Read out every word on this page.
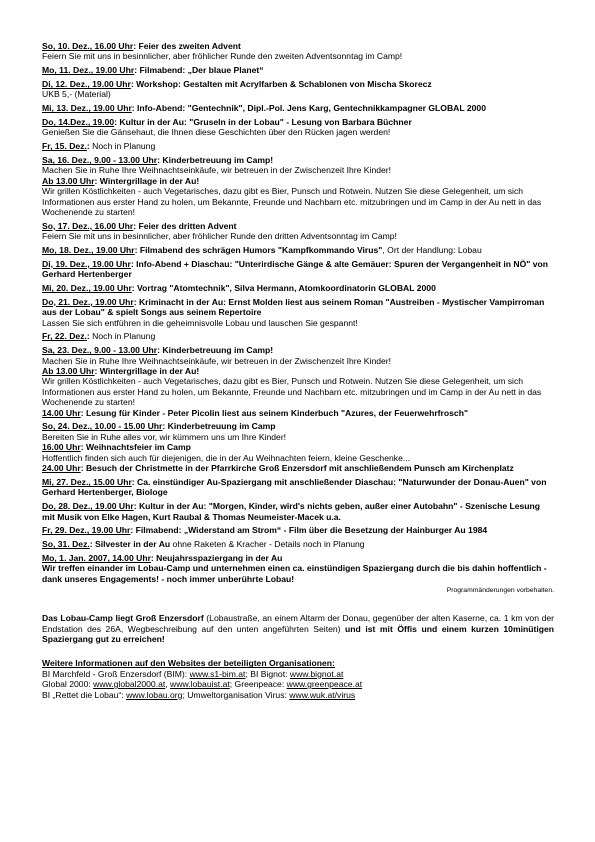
So, 10. Dez., 16.00 Uhr: Feier des zweiten Advent
Feiern Sie mit uns in besinnlicher, aber fröhlicher Runde den zweiten Adventsonntag im Camp!
Mo, 11. Dez., 19.00 Uhr: Filmabend: „Der blaue Planet“
Di, 12. Dez., 19.00 Uhr: Workshop: Gestalten mit Acrylfarben & Schablonen von Mischa Skorecz
UKB 5,- (Material)
Mi, 13. Dez., 19.00 Uhr: Info-Abend: "Gentechnik", Dipl.-Pol. Jens Karg, Gentechnikkampagner GLOBAL 2000
Do, 14.Dez., 19.00: Kultur in der Au: "Gruseln in der Lobau" - Lesung von Barbara Büchner
Genießen Sie die Gänsehaut, die Ihnen diese Geschichten über den Rücken jagen werden!
Fr, 15. Dez.: Noch in Planung
Sa, 16. Dez., 9.00 - 13.00 Uhr: Kinderbetreuung im Camp!
Machen Sie in Ruhe Ihre Weihnachtseinkäufe, wir betreuen in der Zwischenzeit Ihre Kinder!
Ab 13.00 Uhr: Wintergrillage in der Au!
Wir grillen Köstlichkeiten - auch Vegetarisches, dazu gibt es Bier, Punsch und Rotwein. Nutzen Sie diese Gelegenheit, um sich Informationen aus erster Hand zu holen, um Bekannte, Freunde und Nachbarn etc. mitzubringen und im Camp in der Au nett in das Wochenende zu starten!
So, 17. Dez., 16.00 Uhr: Feier des dritten Advent
Feiern Sie mit uns in besinnlicher, aber fröhlicher Runde den dritten Adventsonntag im Camp!
Mo, 18. Dez., 19.00 Uhr: Filmabend des schrägen Humors "Kampfkommando Virus", Ort der Handlung: Lobau
Di, 19. Dez., 19.00 Uhr: Info-Abend + Diaschau: "Unterirdische Gänge & alte Gemäuer: Spuren der Vergangenheit in NÖ" von Gerhard Hertenberger
Mi, 20. Dez., 19.00 Uhr: Vortrag "Atomtechnik", Silva Hermann, Atomkoordinatorin GLOBAL 2000
Do, 21. Dez., 19.00 Uhr: Kriminacht in der Au: Ernst Molden liest aus seinem Roman "Austreiben - Mystischer Vampirroman aus der Lobau" & spielt Songs aus seinem Repertoire
Lassen Sie sich entführen in die geheimnisvolle Lobau und lauschen Sie gespannt!
Fr, 22. Dez.: Noch in Planung
Sa, 23. Dez., 9.00 - 13.00 Uhr: Kinderbetreuung im Camp!
Machen Sie in Ruhe Ihre Weihnachtseinkäufe, wir betreuen in der Zwischenzeit Ihre Kinder!
Ab 13.00 Uhr: Wintergrillage in der Au!
Wir grillen Köstlichkeiten - auch Vegetarisches, dazu gibt es Bier, Punsch und Rotwein. Nutzen Sie diese Gelegenheit, um sich Informationen aus erster Hand zu holen, um Bekannte, Freunde und Nachbarn etc. mitzubringen und im Camp in der Au nett in das Wochenende zu starten!
14.00 Uhr: Lesung für Kinder - Peter Picolin liest aus seinem Kinderbuch "Azures, der Feuerwehrfrosch"
So, 24. Dez., 10.00 - 15.00 Uhr: Kinderbetreuung im Camp
Bereiten Sie in Ruhe alles vor, wir kümmern uns um Ihre Kinder!
16.00 Uhr: Weihnachtsfeier im Camp
Hoffentlich finden sich auch für diejenigen, die in der Au Weihnachten feiern, kleine Geschenke...
24.00 Uhr: Besuch der Christmette in der Pfarrkirche Groß Enzersdorf mit anschließendem Punsch am Kirchenplatz
Mi, 27. Dez., 15.00 Uhr: Ca. einstündiger Au-Spaziergang mit anschließender Diaschau: "Naturwunder der Donau-Auen" von Gerhard Hertenberger, Biologe
Do, 28. Dez., 19.00 Uhr: Kultur in der Au: "Morgen, Kinder, wird's nichts geben, außer einer Autobahn" - Szenische Lesung mit Musik von Elke Hagen, Kurt Raubal & Thomas Neumeister-Macek u.a.
Fr, 29. Dez., 19.00 Uhr: Filmabend: „Widerstand am Strom“ - Film über die Besetzung der Hainburger Au 1984
So, 31. Dez.: Silvester in der Au ohne Raketen & Kracher - Details noch in Planung
Mo, 1. Jan. 2007, 14.00 Uhr: Neujahrsspaziergang in der Au
Wir treffen einander im Lobau-Camp und unternehmen einen ca. einstündigen Spaziergang durch die bis dahin hoffentlich - dank unseres Engagements! - noch immer unberührte Lobau!
Programmänderungen vorbehalten.
Das Lobau-Camp liegt Groß Enzersdorf (Lobaustraße, an einem Altarm der Donau, gegenüber der alten Kaserne, ca. 1 km von der Endstation des 26A, Wegbeschreibung auf den unten angeführten Seiten) und ist mit Öffis und einem kurzen 10minütigen Spaziergang gut zu erreichen!
Weitere Informationen auf den Websites der beteiligten Organisationen:
BI Marchfeld - Groß Enzersdorf (BIM): www.s1-bim.at; BI Bignot: www.bignot.at
Global 2000: www.global2000.at, www.lobauist.at; Greenpeace: www.greenpeace.at
BI „Rettet die Lobau“: www.lobau.org; Umweltorganisation Virus: www.wuk.at/virus
